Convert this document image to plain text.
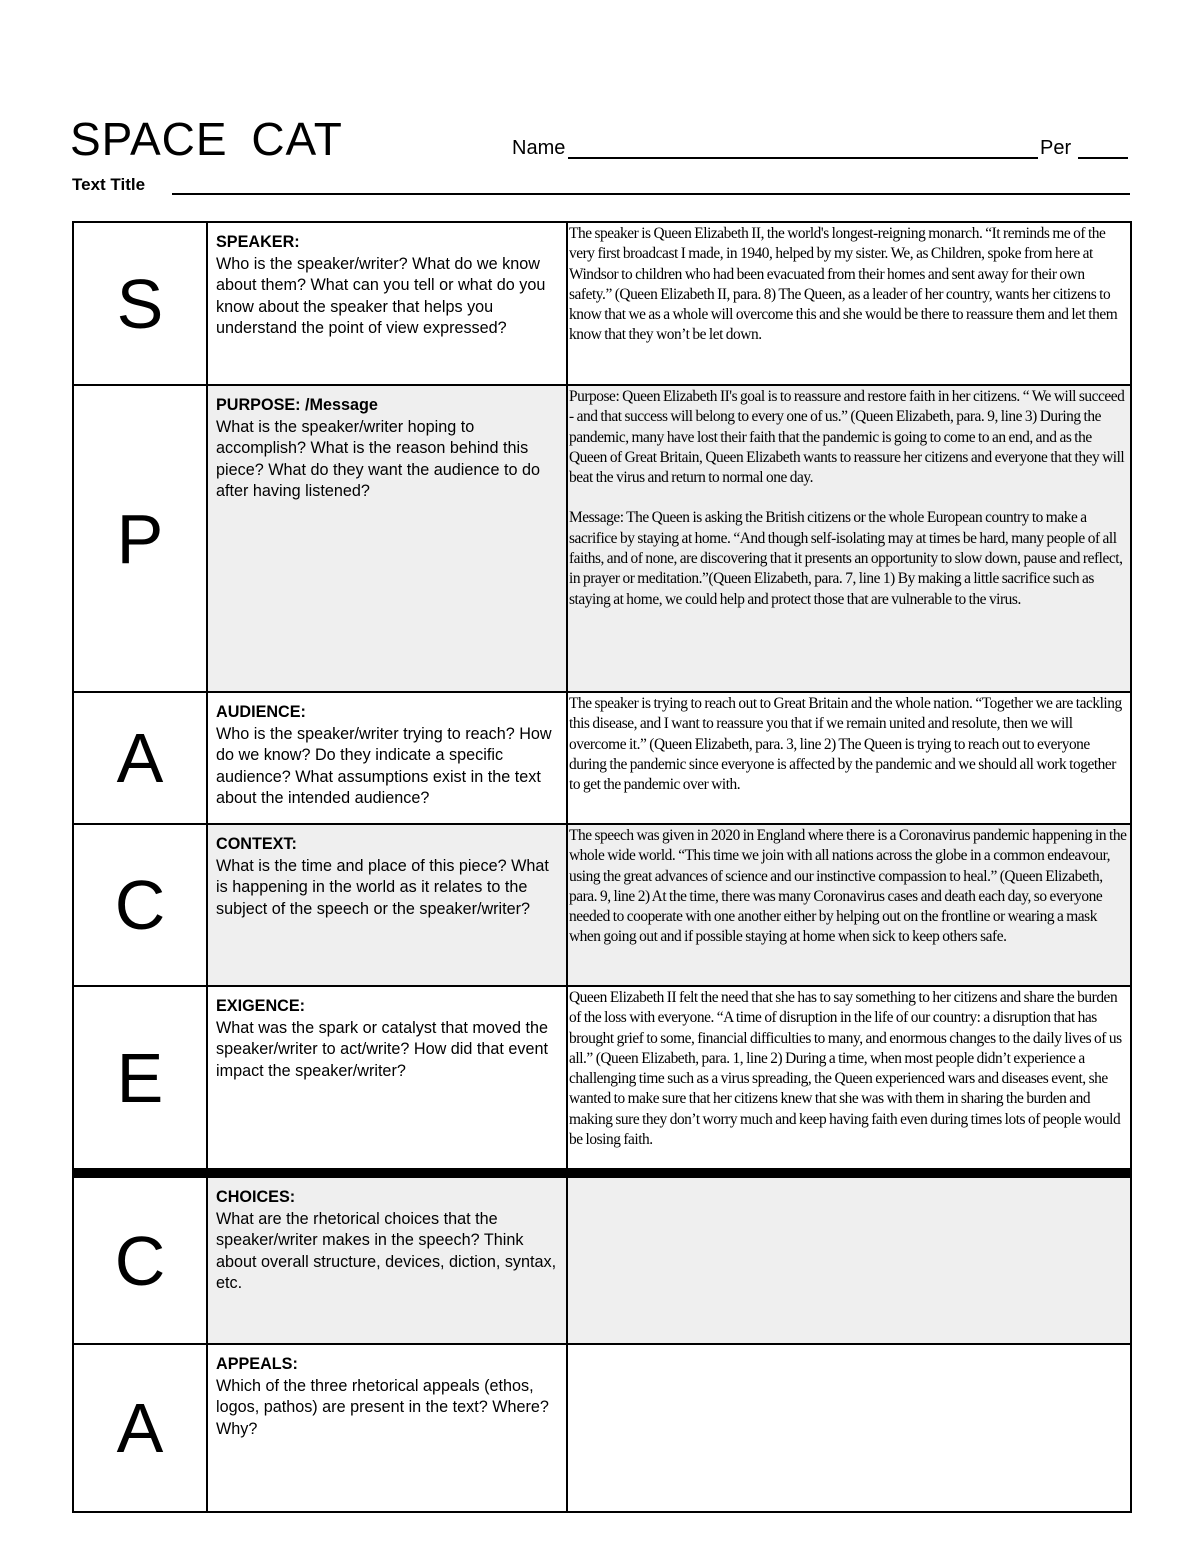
SPACE CAT	Name	Per
Text Title
S
SPEAKER:
Who is the speaker/writer? What do we know about them? What can you tell or what do you know about the speaker that helps you understand the point of view expressed?

The speaker is Queen Elizabeth II, the world's longest-reigning monarch. “It reminds me of the very first broadcast I made, in 1940, helped by my sister. We, as Children, spoke from here at Windsor to children who had been evacuated from their homes and sent away for their own safety.” (Queen Elizabeth II, para. 8) The Queen, as a leader of her country, wants her citizens to know that we as a whole will overcome this and she would be there to reassure them and let them know that they won’t be let down.

P
PURPOSE: /Message
What is the speaker/writer hoping to accomplish? What is the reason behind this piece? What do they want the audience to do after having listened?

Purpose: Queen Elizabeth II's goal is to reassure and restore faith in her citizens. “ We will succeed - and that success will belong to every one of us.” (Queen Elizabeth, para. 9, line 3) During the pandemic, many have lost their faith that the pandemic is going to come to an end, and as the Queen of Great Britain, Queen Elizabeth wants to reassure her citizens and everyone that they will beat the virus and return to normal one day.

Message: The Queen is asking the British citizens or the whole European country to make a sacrifice by staying at home. “And though self-isolating may at times be hard, many people of all faiths, and of none, are discovering that it presents an opportunity to slow down, pause and reflect, in prayer or meditation.”(Queen Elizabeth, para. 7, line 1) By making a little sacrifice such as staying at home, we could help and protect those that are vulnerable to the virus.

A
AUDIENCE:
Who is the speaker/writer trying to reach? How do we know? Do they indicate a specific audience? What assumptions exist in the text about the intended audience?

The speaker is trying to reach out to Great Britain and the whole nation. “Together we are tackling this disease, and I want to reassure you that if we remain united and resolute, then we will overcome it.” (Queen Elizabeth, para. 3, line 2) The Queen is trying to reach out to everyone during the pandemic since everyone is affected by the pandemic and we should all work together to get the pandemic over with.

C
CONTEXT:
What is the time and place of this piece? What is happening in the world as it relates to the subject of the speech or the speaker/writer?

The speech was given in 2020 in England where there is a Coronavirus pandemic happening in the whole wide world. “This time we join with all nations across the globe in a common endeavour, using the great advances of science and our instinctive compassion to heal.” (Queen Elizabeth, para. 9, line 2) At the time, there was many Coronavirus cases and death each day, so everyone needed to cooperate with one another either by helping out on the frontline or wearing a mask when going out and if possible staying at home when sick to keep others safe.

E
EXIGENCE:
What was the spark or catalyst that moved the speaker/writer to act/write? How did that event impact the speaker/writer?

Queen Elizabeth II felt the need that she has to say something to her citizens and share the burden of the loss with everyone. “A time of disruption in the life of our country: a disruption that has brought grief to some, financial difficulties to many, and enormous changes to the daily lives of us all.” (Queen Elizabeth, para. 1, line 2) During a time, when most people didn’t experience a challenging time such as a virus spreading, the Queen experienced wars and diseases event, she wanted to make sure that her citizens knew that she was with them in sharing the burden and making sure they don’t worry much and keep having faith even during times lots of people would be losing faith.

C
CHOICES:
What are the rhetorical choices that the speaker/writer makes in the speech? Think about overall structure, devices, diction, syntax, etc.

A
APPEALS:
Which of the three rhetorical appeals (ethos, logos, pathos) are present in the text? Where? Why?
